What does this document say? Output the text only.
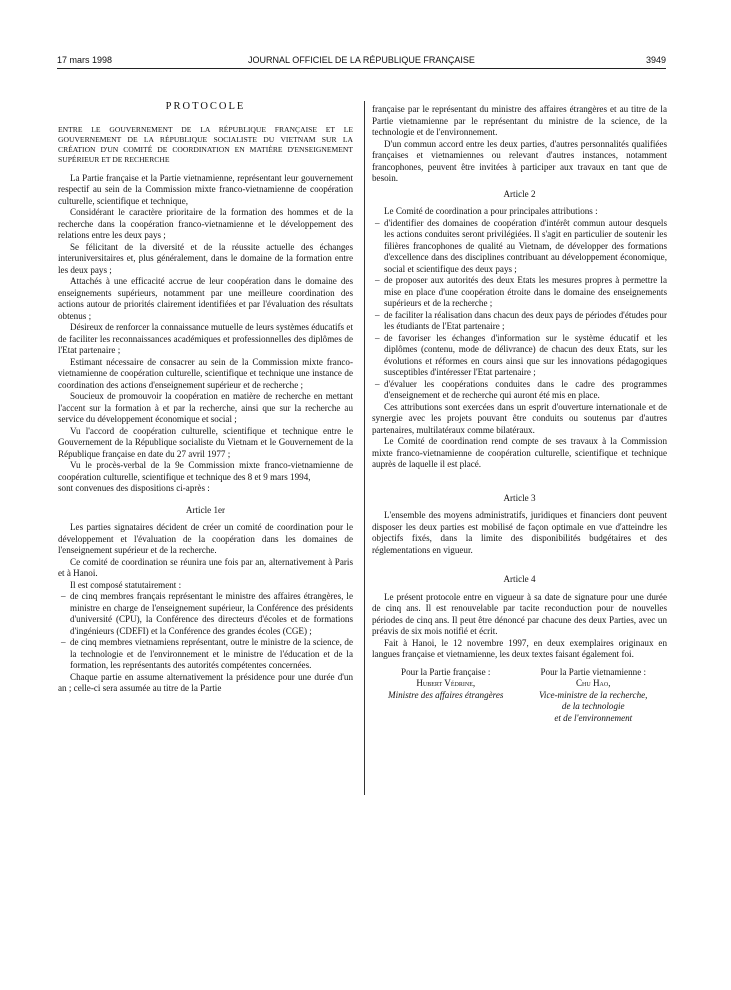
17 mars 1998	JOURNAL OFFICIEL DE LA RÉPUBLIQUE FRANÇAISE	3949

PROTOCOLE

ENTRE LE GOUVERNEMENT DE LA RÉPUBLIQUE FRANÇAISE ET LE GOUVERNEMENT DE LA RÉPUBLIQUE SOCIALISTE DU VIETNAM SUR LA CRÉATION D'UN COMITÉ DE COORDINATION EN MATIÈRE D'ENSEIGNEMENT SUPÉRIEUR ET DE RECHERCHE

La Partie française et la Partie vietnamienne, représentant leur gouvernement respectif au sein de la Commission mixte franco-vietnamienne de coopération culturelle, scientifique et technique,

Considérant le caractère prioritaire de la formation des hommes et de la recherche dans la coopération franco-vietnamienne et le développement des relations entre les deux pays ;

Se félicitant de la diversité et de la réussite actuelle des échanges interuniversitaires et, plus généralement, dans le domaine de la formation entre les deux pays ;

Attachés à une efficacité accrue de leur coopération dans le domaine des enseignements supérieurs, notamment par une meilleure coordination des actions autour de priorités clairement identifiées et par l'évaluation des résultats obtenus ;

Désireux de renforcer la connaissance mutuelle de leurs systèmes éducatifs et de faciliter les reconnaissances académiques et professionnelles des diplômes de l'Etat partenaire ;

Estimant nécessaire de consacrer au sein de la Commission mixte franco-vietnamienne de coopération culturelle, scientifique et technique une instance de coordination des actions d'enseignement supérieur et de recherche ;

Soucieux de promouvoir la coopération en matière de recherche en mettant l'accent sur la formation à et par la recherche, ainsi que sur la recherche au service du développement économique et social ;

Vu l'accord de coopération culturelle, scientifique et technique entre le Gouvernement de la République socialiste du Vietnam et le Gouvernement de la République française en date du 27 avril 1977 ;

Vu le procès-verbal de la 9e Commission mixte franco-vietnamienne de coopération culturelle, scientifique et technique des 8 et 9 mars 1994,

sont convenues des dispositions ci-après :

Article 1er

Les parties signataires décident de créer un comité de coordination pour le développement et l'évaluation de la coopération dans les domaines de l'enseignement supérieur et de la recherche.

Ce comité de coordination se réunira une fois par an, alternativement à Paris et à Hanoi.

Il est composé statutairement :

– de cinq membres français représentant le ministre des affaires étrangères, le ministre en charge de l'enseignement supérieur, la Conférence des présidents d'université (CPU), la Conférence des directeurs d'écoles et de formations d'ingénieurs (CDEFI) et la Conférence des grandes écoles (CGE) ;

– de cinq membres vietnamiens représentant, outre le ministre de la science, de la technologie et de l'environnement et le ministre de l'éducation et de la formation, les représentants des autorités compétentes concernées.

Chaque partie en assume alternativement la présidence pour une durée d'un an ; celle-ci sera assumée au titre de la Partie

française par le représentant du ministre des affaires étrangères et au titre de la Partie vietnamienne par le représentant du ministre de la science, de la technologie et de l'environnement.

D'un commun accord entre les deux parties, d'autres personnalités qualifiées françaises et vietnamiennes ou relevant d'autres instances, notamment francophones, peuvent être invitées à participer aux travaux en tant que de besoin.

Article 2

Le Comité de coordination a pour principales attributions :

– d'identifier des domaines de coopération d'intérêt commun autour desquels les actions conduites seront privilégiées. Il s'agit en particulier de soutenir les filières francophones de qualité au Vietnam, de développer des formations d'excellence dans des disciplines contribuant au développement économique, social et scientifique des deux pays ;

– de proposer aux autorités des deux Etats les mesures propres à permettre la mise en place d'une coopération étroite dans le domaine des enseignements supérieurs et de la recherche ;

– de faciliter la réalisation dans chacun des deux pays de périodes d'études pour les étudiants de l'Etat partenaire ;

– de favoriser les échanges d'information sur le système éducatif et les diplômes (contenu, mode de délivrance) de chacun des deux Etats, sur les évolutions et réformes en cours ainsi que sur les innovations pédagogiques susceptibles d'intéresser l'Etat partenaire ;

– d'évaluer les coopérations conduites dans le cadre des programmes d'enseignement et de recherche qui auront été mis en place.

Ces attributions sont exercées dans un esprit d'ouverture internationale et de synergie avec les projets pouvant être conduits ou soutenus par d'autres partenaires, multilatéraux comme bilatéraux.

Le Comité de coordination rend compte de ses travaux à la Commission mixte franco-vietnamienne de coopération culturelle, scientifique et technique auprès de laquelle il est placé.

Article 3

L'ensemble des moyens administratifs, juridiques et financiers dont peuvent disposer les deux parties est mobilisé de façon optimale en vue d'atteindre les objectifs fixés, dans la limite des disponibilités budgétaires et des réglementations en vigueur.

Article 4

Le présent protocole entre en vigueur à sa date de signature pour une durée de cinq ans. Il est renouvelable par tacite reconduction pour de nouvelles périodes de cinq ans. Il peut être dénoncé par chacune des deux Parties, avec un préavis de six mois notifié et écrit.

Fait à Hanoi, le 12 novembre 1997, en deux exemplaires originaux en langues française et vietnamienne, les deux textes faisant également foi.

Pour la Partie française :
Hubert Védrine,
Ministre des affaires étrangères
Pour la Partie vietnamienne :
Chu Hao,
Vice-ministre de la recherche,
de la technologie
et de l'environnement
